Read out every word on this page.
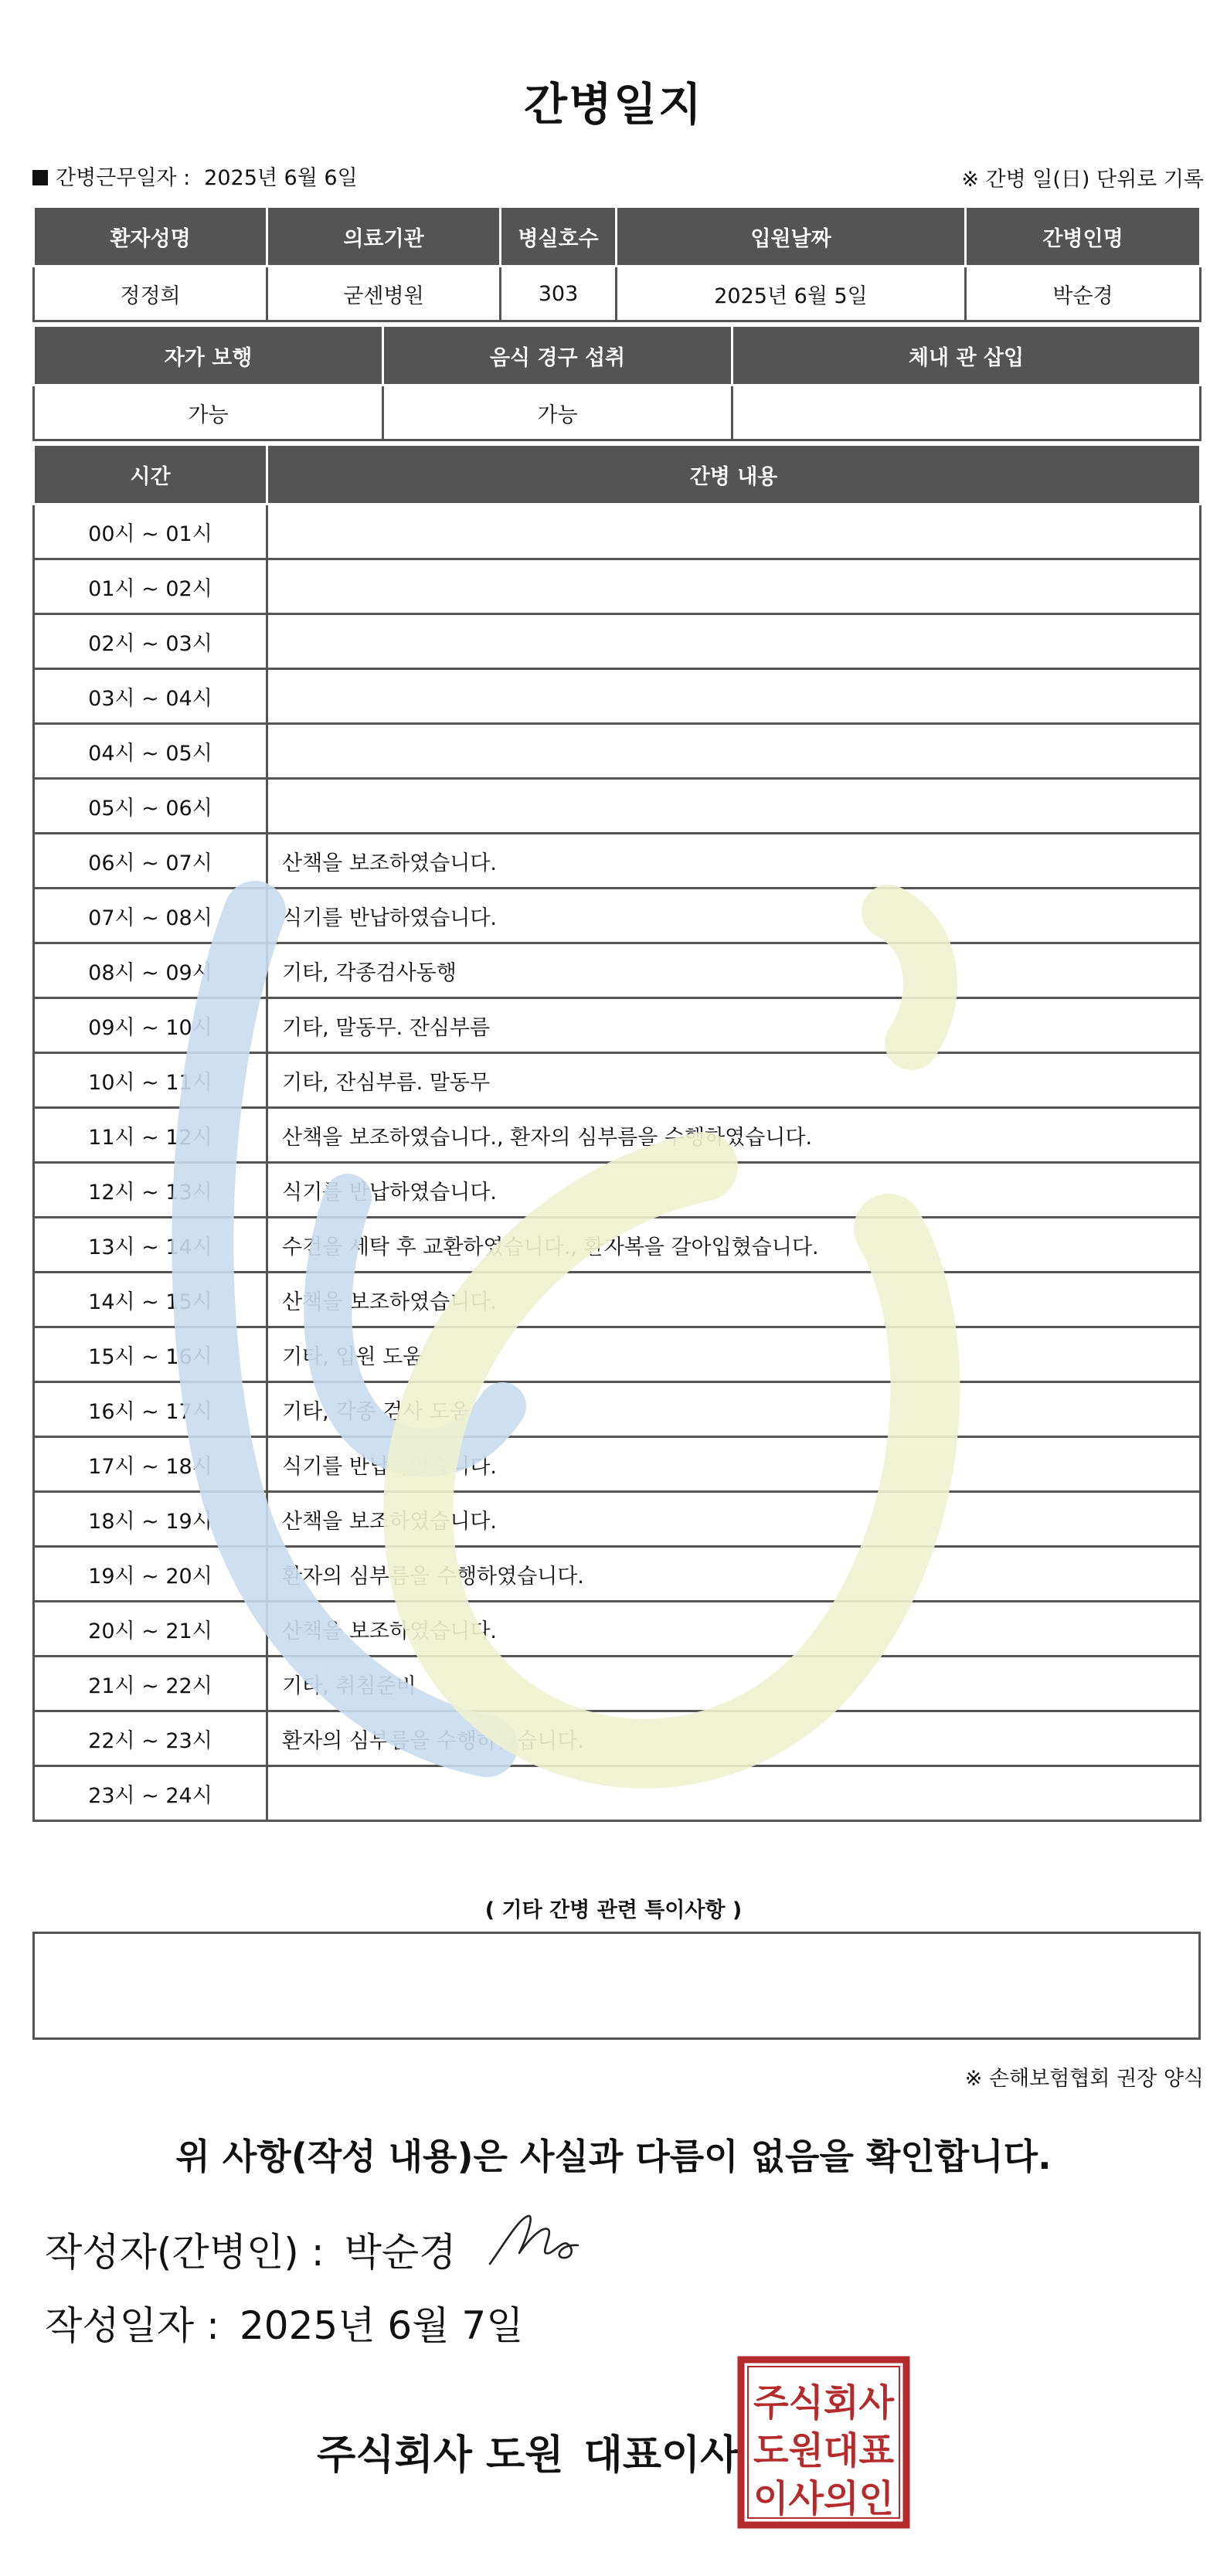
간병일지
간병근무일자 : 2025년 6월 6일	※ 간병 일(日) 단위로 기록
환자성명	의료기관	병실호수	입원날짜	간병인명
정정희	굳센병원	303	2025년 6월 5일	박순경
자가 보행	음식 경구 섭취	체내 관 삽입
가능	가능	
시간	간병 내용
00시 ~ 01시	
01시 ~ 02시	
02시 ~ 03시	
03시 ~ 04시	
04시 ~ 05시	
05시 ~ 06시	
06시 ~ 07시	산책을 보조하였습니다.
07시 ~ 08시	식기를 반납하였습니다.
08시 ~ 09시	기타, 각종검사동행
09시 ~ 10시	기타, 말동무. 잔심부름
10시 ~ 11시	기타, 잔심부름. 말동무
11시 ~ 12시	산책을 보조하였습니다., 환자의 심부름을 수행하였습니다.
12시 ~ 13시	식기를 반납하였습니다.
13시 ~ 14시	수건을 세탁 후 교환하였습니다., 환자복을 갈아입혔습니다.
14시 ~ 15시	산책을 보조하였습니다.
15시 ~ 16시	기타, 입원 도움
16시 ~ 17시	기타, 각종 검사 도움
17시 ~ 18시	식기를 반납하였습니다.
18시 ~ 19시	산책을 보조하였습니다.
19시 ~ 20시	환자의 심부름을 수행하였습니다.
20시 ~ 21시	산책을 보조하였습니다.
21시 ~ 22시	기타, 취침준비
22시 ~ 23시	환자의 심부름을 수행하였습니다.
23시 ~ 24시	
( 기타 간병 관련 특이사항 )
※ 손해보험협회 권장 양식
위 사항(작성 내용)은 사실과 다름이 없음을 확인합니다.
작성자(간병인) : 박순경
작성일자 : 2025년 6월 7일
주식회사 도원 대표이사
주식회사
도원대표
이사의인
